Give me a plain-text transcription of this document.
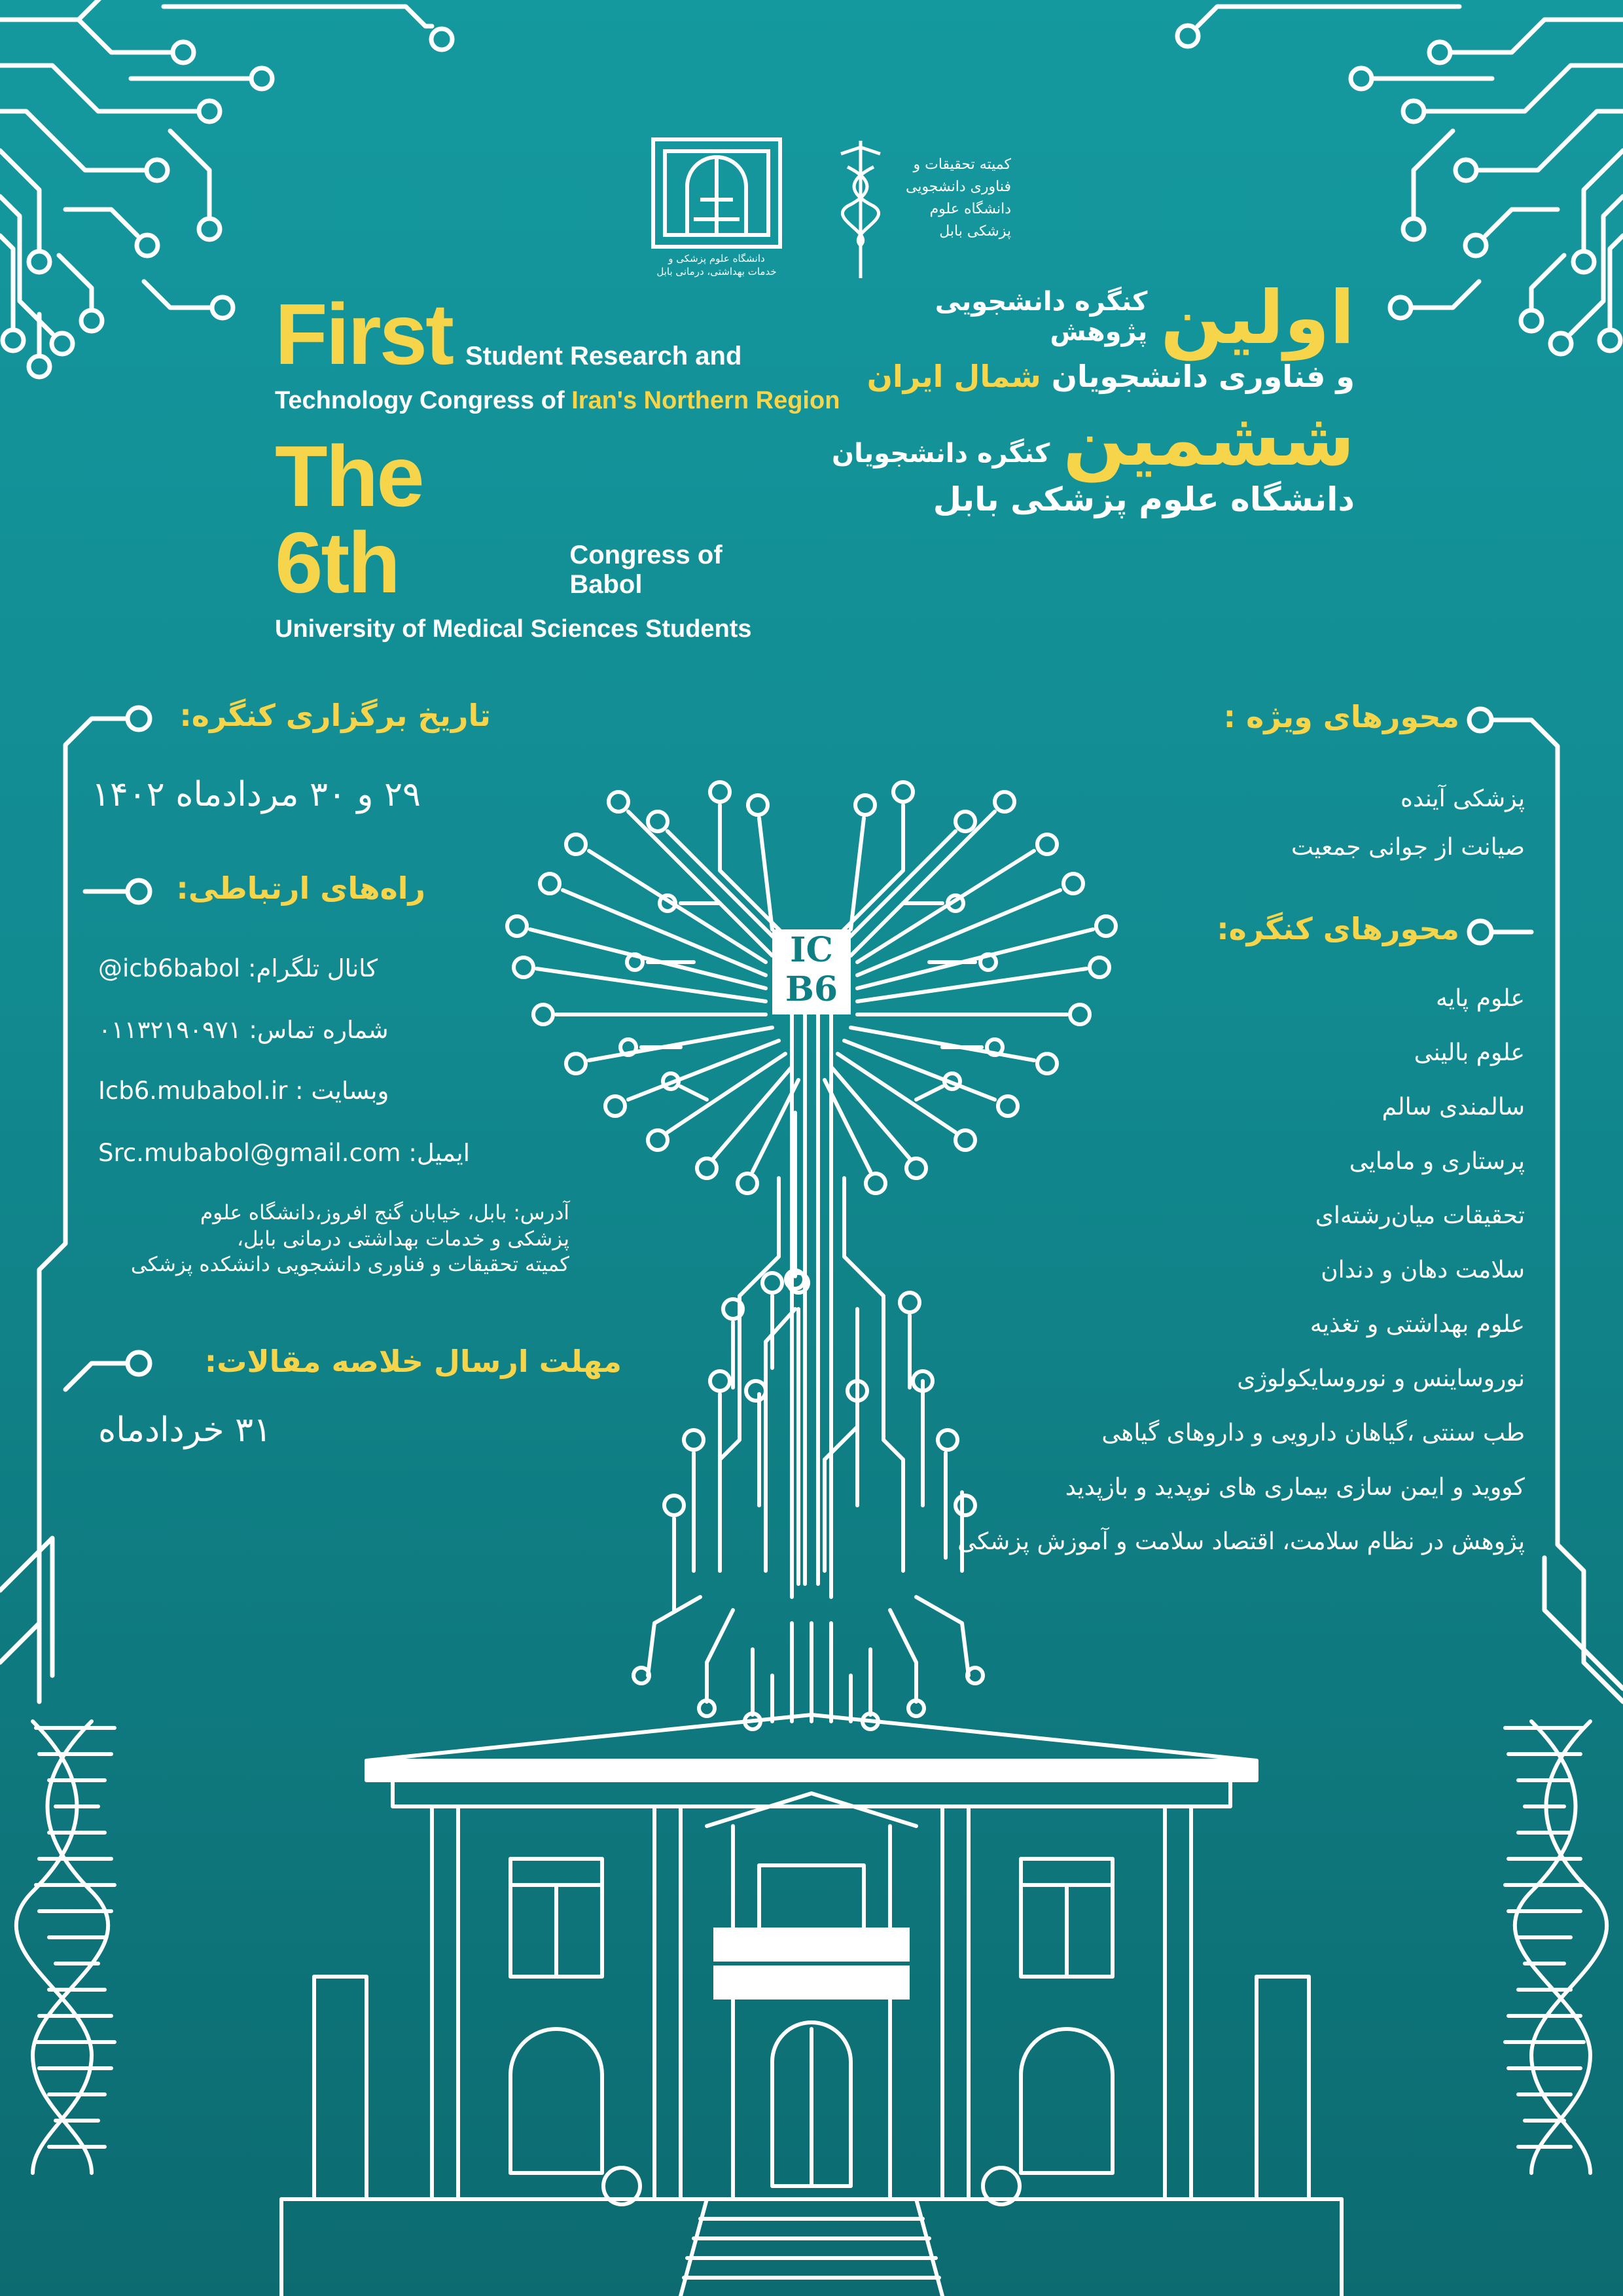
دانشگاه علوم پزشکی و
خدمات بهداشتی، درمانی بابل
کمیته تحقیقات و فناوری دانشجویی دانشگاه علوم پزشکی بابل
First Student Research and
Technology Congress of Iran's Northern Region
The 6th	Congress of Babol
University of Medical Sciences Students
اولین
کنگره دانشجویی پژوهش
و فناوری دانشجویان شمال ایران
ششمین
کنگره دانشجویان
دانشگاه علوم پزشکی بابل
تاریخ برگزاری کنگره:
۲۹ و ۳۰ مردادماه ۱۴۰۲
راه‌های ارتباطی:
کانال تلگرام: @icb6babol
شماره تماس: ۰۱۱۳۲۱۹۰۹۷۱
وبسایت : Icb6.mubabol.ir
ایمیل: Src.mubabol@gmail.com
آدرس: بابل، خیابان گنج افروز،دانشگاه علوم
پزشکی و خدمات بهداشتی درمانی بابل،
کمیته تحقیقات و فناوری دانشجویی دانشکده پزشکی
مهلت ارسال خلاصه مقالات:
۳۱ خردادماه
محورهای ویژه :
پزشکی آینده
صیانت از جوانی جمعیت
محورهای کنگره:
علوم پایه
علوم بالینی
سالمندی سالم
پرستاری و مامایی
تحقیقات میان‌رشته‌ای
سلامت دهان و دندان
علوم بهداشتی و تغذیه
نوروساینس و نوروسایکولوژی
طب سنتی ،گیاهان دارویی و داروهای گیاهی
کووید و ایمن سازی بیماری های نوپدید و بازپدید
پژوهش در نظام سلامت، اقتصاد سلامت و آموزش پزشکی
IC
B6
